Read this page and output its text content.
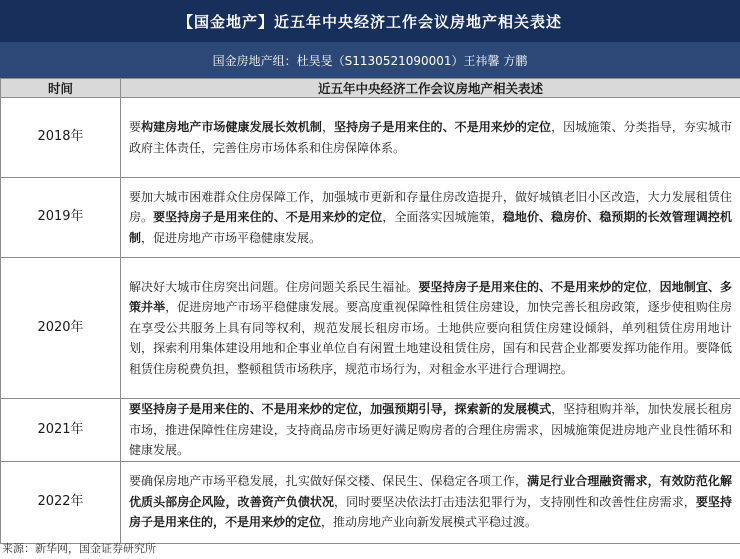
【国金地产】近五年中央经济工作会议房地产相关表述
国金房地产组：杜昊旻（S1130521090001）王祎馨 方鹏
时间	近五年中央经济工作会议房地产相关表述
2018年	要构建房地产市场健康发展长效机制，坚持房子是用来住的、不是用来炒的定位，因城施策、分类指导，夯实城市政府主体责任，完善住房市场体系和住房保障体系。
2019年	要加大城市困难群众住房保障工作，加强城市更新和存量住房改造提升，做好城镇老旧小区改造，大力发展租赁住房。要坚持房子是用来住的、不是用来炒的定位，全面落实因城施策，稳地价、稳房价、稳预期的长效管理调控机制，促进房地产市场平稳健康发展。
2020年	解决好大城市住房突出问题。住房问题关系民生福祉。要坚持房子是用来住的、不是用来炒的定位，因地制宜、多策并举，促进房地产市场平稳健康发展。要高度重视保障性租赁住房建设，加快完善长租房政策，逐步使租购住房在享受公共服务上具有同等权利，规范发展长租房市场。土地供应要向租赁住房建设倾斜，单列租赁住房用地计划，探索利用集体建设用地和企事业单位自有闲置土地建设租赁住房，国有和民营企业都要发挥功能作用。要降低租赁住房税费负担，整顿租赁市场秩序，规范市场行为，对租金水平进行合理调控。
2021年	要坚持房子是用来住的、不是用来炒的定位，加强预期引导，探索新的发展模式，坚持租购并举，加快发展长租房市场，推进保障性住房建设，支持商品房市场更好满足购房者的合理住房需求，因城施策促进房地产业良性循环和健康发展。
2022年	要确保房地产市场平稳发展，扎实做好保交楼、保民生、保稳定各项工作，满足行业合理融资需求，有效防范化解优质头部房企风险，改善资产负债状况，同时要坚决依法打击违法犯罪行为，支持刚性和改善性住房需求，要坚持房子是用来住的，不是用来炒的定位，推动房地产业向新发展模式平稳过渡。
来源：新华网，国金证券研究所
